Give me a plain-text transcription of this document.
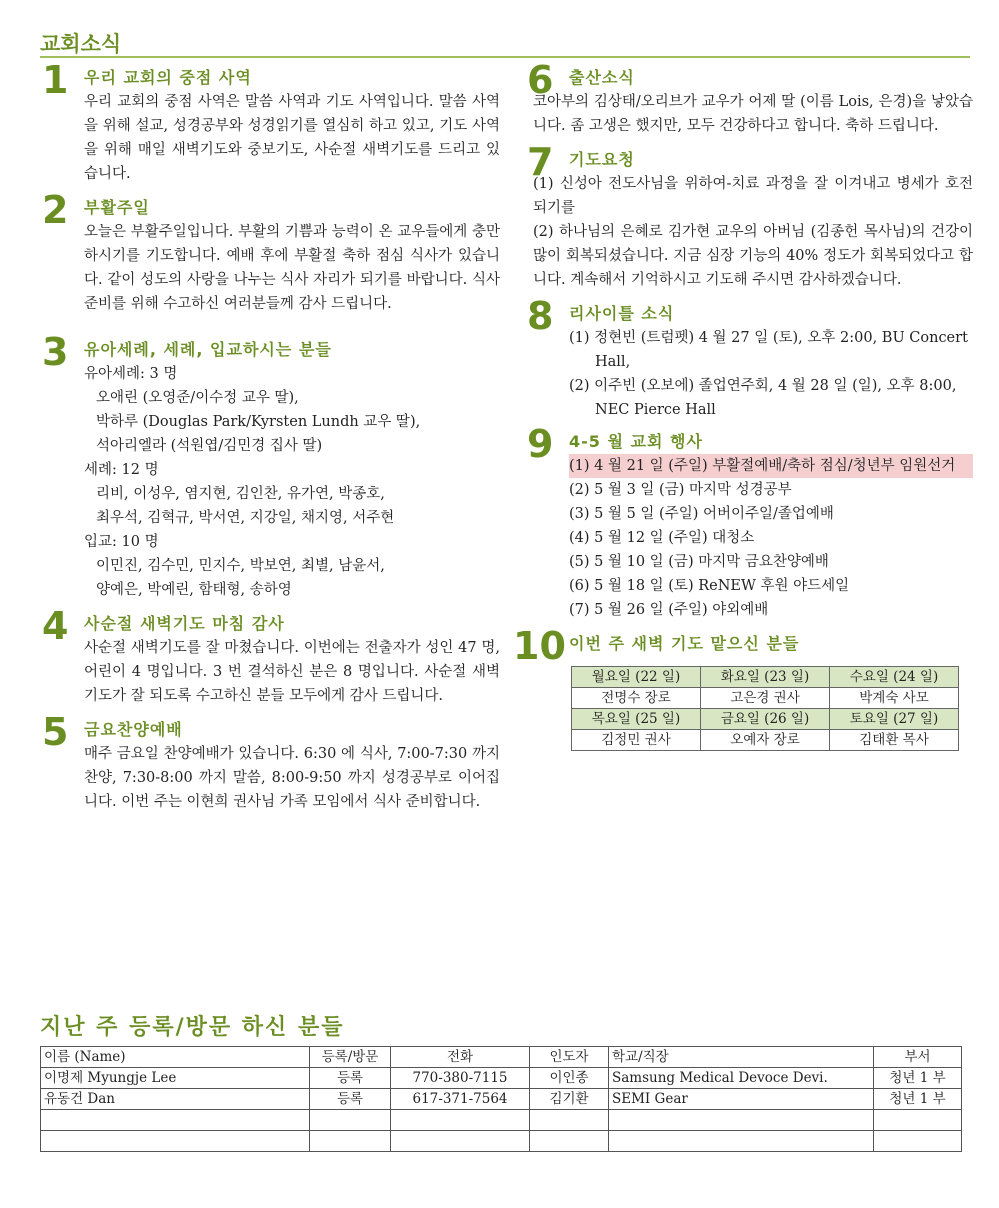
교회소식
1 우리 교회의 중점 사역
우리 교회의 중점 사역은 말씀 사역과 기도 사역입니다. 말씀 사역을 위해 설교, 성경공부와 성경읽기를 열심히 하고 있고, 기도 사역을 위해 매일 새벽기도와 중보기도, 사순절 새벽기도를 드리고 있습니다.
2 부활주일
오늘은 부활주일입니다. 부활의 기쁨과 능력이 온 교우들에게 충만하시기를 기도합니다. 예배 후에 부활절 축하 점심 식사가 있습니다. 같이 성도의 사랑을 나누는 식사 자리가 되기를 바랍니다. 식사 준비를 위해 수고하신 여러분들께 감사 드립니다.
3 유아세례, 세례, 입교하시는 분들
유아세례: 3 명
오애린 (오영준/이수정 교우 딸),
박하루 (Douglas Park/Kyrsten Lundh 교우 딸),
석아리엘라 (석원엽/김민경 집사 딸)
세례: 12 명
리비, 이성우, 염지현, 김인찬, 유가연, 박종호,
최우석, 김혁규, 박서연, 지강일, 채지영, 서주현
입교: 10 명
이민진, 김수민, 민지수, 박보연, 최별, 남윤서,
양예은, 박예린, 함태형, 송하영
4 사순절 새벽기도 마침 감사
사순절 새벽기도를 잘 마쳤습니다. 이번에는 전출자가 성인 47 명, 어린이 4 명입니다. 3 번 결석하신 분은 8 명입니다. 사순절 새벽기도가 잘 되도록 수고하신 분들 모두에게 감사 드립니다.
5 금요찬양예배
매주 금요일 찬양예배가 있습니다. 6:30 에 식사, 7:00-7:30 까지 찬양, 7:30-8:00 까지 말씀, 8:00-9:50 까지 성경공부로 이어집니다. 이번 주는 이현희 권사님 가족 모임에서 식사 준비합니다.
6 출산소식
코아부의 김상태/오리브가 교우가 어제 딸 (이름 Lois, 은경)을 낳았습니다. 좀 고생은 했지만, 모두 건강하다고 합니다. 축하 드립니다.
7 기도요청
(1) 신성아 전도사님을 위하여-치료 과정을 잘 이겨내고 병세가 호전되기를
(2) 하나님의 은혜로 김가현 교우의 아버님 (김종헌 목사님)의 건강이 많이 회복되셨습니다. 지금 심장 기능의 40% 정도가 회복되었다고 합니다. 계속해서 기억하시고 기도해 주시면 감사하겠습니다.
8 리사이틀 소식
(1) 정현빈 (트럼펫) 4 월 27 일 (토), 오후 2:00, BU Concert Hall,
(2) 이주빈 (오보에) 졸업연주회, 4 월 28 일 (일), 오후 8:00, NEC Pierce Hall
9 4-5 월 교회 행사
(1) 4 월 21 일 (주일) 부활절예배/축하 점심/청년부 임원선거
(2) 5 월 3 일 (금) 마지막 성경공부
(3) 5 월 5 일 (주일) 어버이주일/졸업예배
(4) 5 월 12 일 (주일) 대청소
(5) 5 월 10 일 (금) 마지막 금요찬양예배
(6) 5 월 18 일 (토) ReNEW 후원 야드세일
(7) 5 월 26 일 (주일) 야외예배
10 이번 주 새벽 기도 맡으신 분들
월요일 (22 일)	화요일 (23 일)	수요일 (24 일)
전명수 장로	고은경 권사	박계숙 사모
목요일 (25 일)	금요일 (26 일)	토요일 (27 일)
김정민 권사	오예자 장로	김태환 목사
지난 주 등록/방문 하신 분들
이름 (Name)	등록/방문	전화	인도자	학교/직장	부서
이명제 Myungje Lee	등록	770-380-7115	이인종	Samsung Medical Devoce Devi.	청년 1 부
유동건 Dan	등록	617-371-7564	김기환	SEMI Gear	청년 1 부
